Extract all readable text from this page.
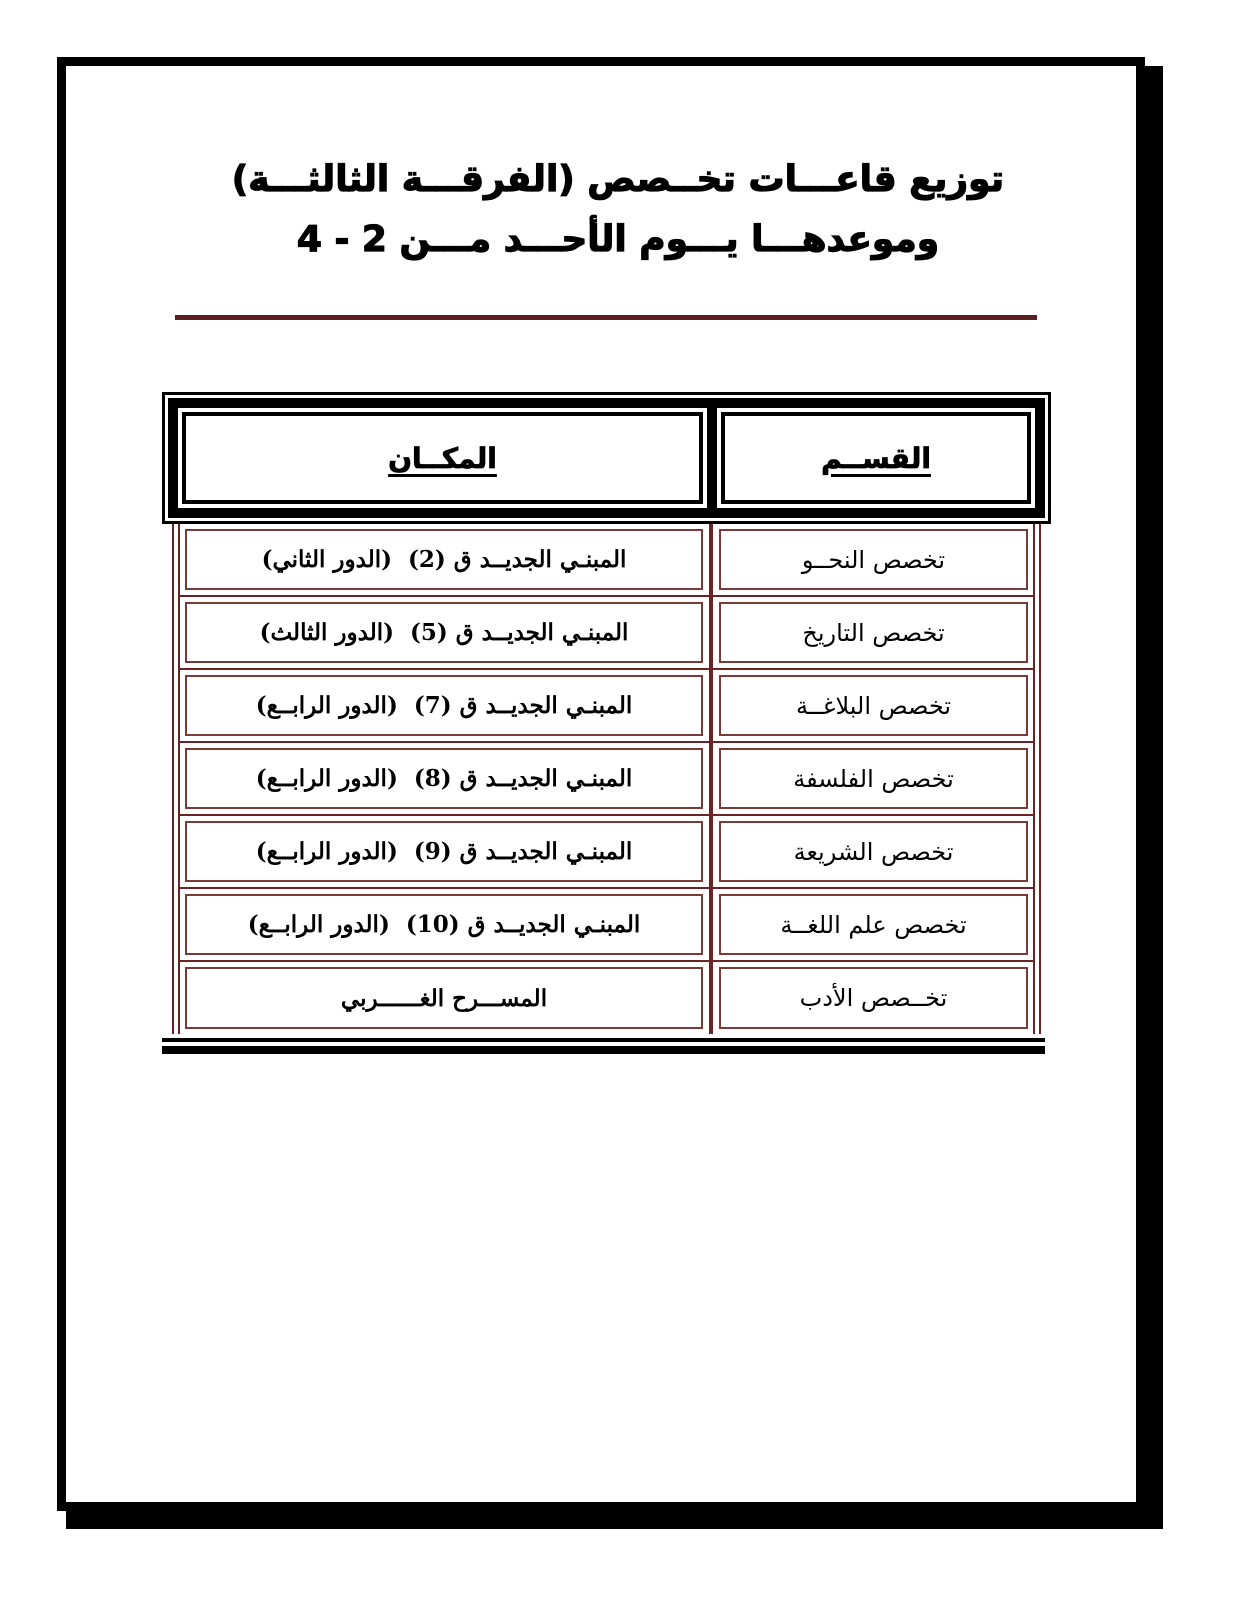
توزيع قاعـــات تخــصص (الفرقـــة الثالثـــة)
وموعدهـــا يـــوم الأحـــد مـــن 2 - 4
القســم
المكــان
تخصص النحــو
المبنـي الجديــد ق (2)  (الدور الثاني)
تخصص التاريخ
المبنـي الجديــد ق (5)  (الدور الثالث)
تخصص البلاغــة
المبنـي الجديــد ق (7)  (الدور الرابــع)
تخصص الفلسفة
المبنـي الجديــد ق (8)  (الدور الرابــع)
تخصص الشريعة
المبنـي الجديــد ق (9)  (الدور الرابــع)
تخصص علم اللغــة
المبنـي الجديــد ق (10)  (الدور الرابــع)
تخــصص الأدب
المســـرح الغــــــربي
